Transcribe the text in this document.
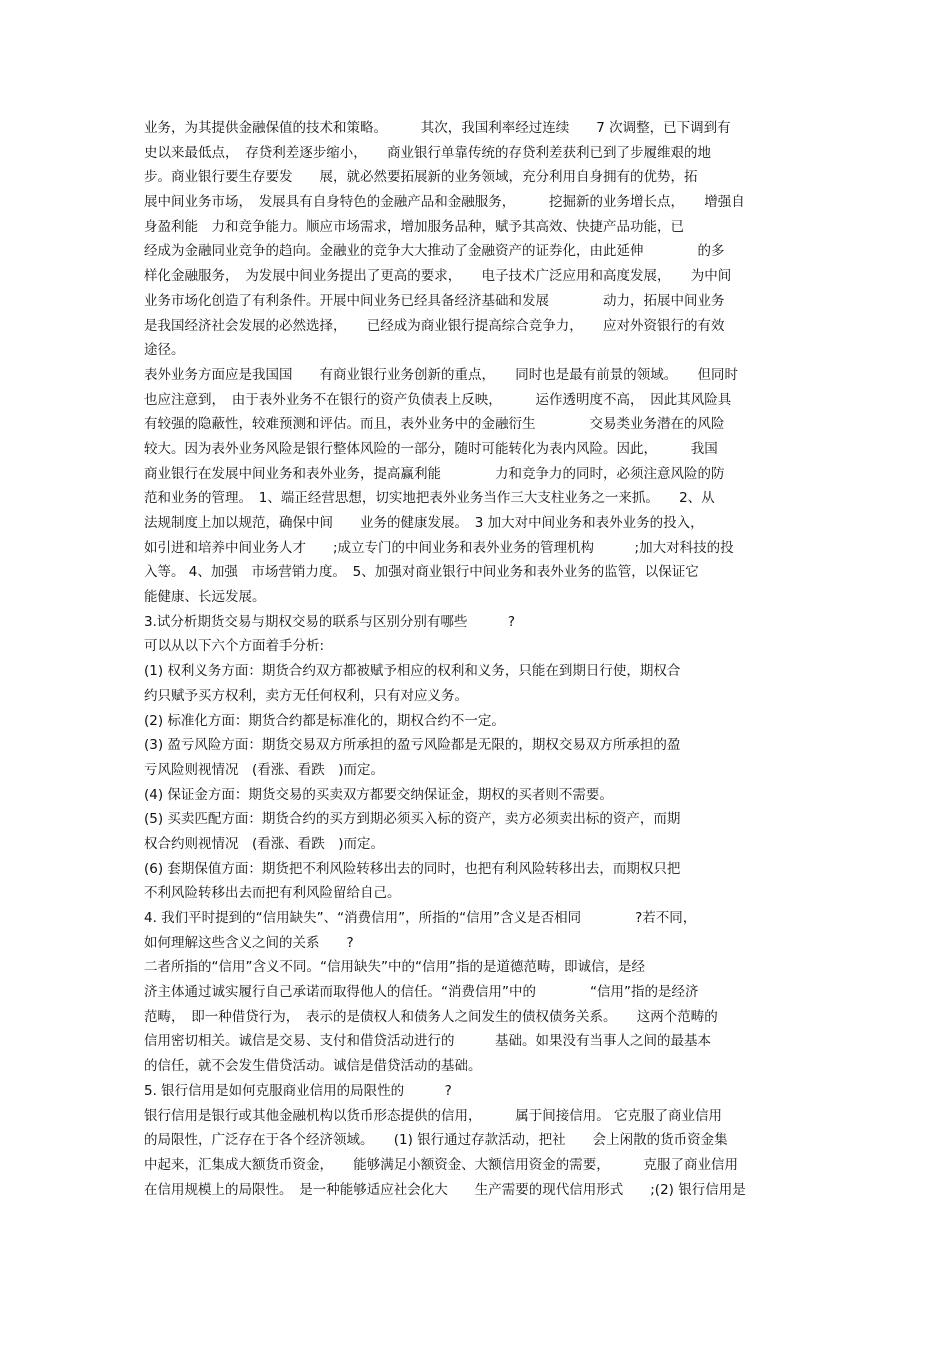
业务，为其提供金融保值的技术和策略。　　　其次，我国利率经过连续　　7 次调整，已下调到有
史以来最低点，　存贷利差逐步缩小，　　商业银行单靠传统的存贷利差获利已到了步履维艰的地
步。商业银行要生存要发　　展，就必然要拓展新的业务领域，充分利用自身拥有的优势，拓
展中间业务市场，　发展具有自身特色的金融产品和金融服务，　　　挖掘新的业务增长点，　　增强自
身盈利能　力和竞争能力。顺应市场需求，增加服务品种，赋予其高效、快捷产品功能，已
经成为金融同业竞争的趋向。金融业的竞争大大推动了金融资产的证券化，由此延伸　　　　的多
样化金融服务，　为发展中间业务提出了更高的要求，　　电子技术广泛应用和高度发展，　　为中间
业务市场化创造了有利条件。开展中间业务已经具备经济基础和发展　　　　动力，拓展中间业务
是我国经济社会发展的必然选择，　　已经成为商业银行提高综合竞争力，　　应对外资银行的有效
途径。
表外业务方面应是我国国　　有商业银行业务创新的重点，　　同时也是最有前景的领域。　　但同时
也应注意到，　由于表外业务不在银行的资产负债表上反映，　　　运作透明度不高，　因此其风险具
有较强的隐蔽性，较难预测和评估。而且，表外业务中的金融衍生　　　　交易类业务潜在的风险
较大。因为表外业务风险是银行整体风险的一部分，随时可能转化为表内风险。因此，　　　我国
商业银行在发展中间业务和表外业务，提高赢利能　　　　力和竞争力的同时，必须注意风险的防
范和业务的管理。　1、端正经营思想，切实地把表外业务当作三大支柱业务之一来抓。　　2、从
法规制度上加以规范，确保中间　　业务的健康发展。　3 加大对中间业务和表外业务的投入，
如引进和培养中间业务人才　　;成立专门的中间业务和表外业务的管理机构　　　;加大对科技的投
入等。 4、加强　市场营销力度。　5、加强对商业银行中间业务和表外业务的监管，以保证它
能健康、长远发展。
3.试分析期货交易与期权交易的联系与区别分别有哪些　　　?
可以从以下六个方面着手分析:
(1) 权利义务方面：期货合约双方都被赋予相应的权利和义务，只能在到期日行使，期权合
约只赋予买方权利，卖方无任何权利，只有对应义务。
(2) 标准化方面：期货合约都是标准化的，期权合约不一定。
(3) 盈亏风险方面：期货交易双方所承担的盈亏风险都是无限的，期权交易双方所承担的盈
亏风险则视情况　(看涨、看跌　)而定。
(4) 保证金方面：期货交易的买卖双方都要交纳保证金，期权的买者则不需要。
(5) 买卖匹配方面：期货合约的买方到期必须买入标的资产，卖方必须卖出标的资产，而期
权合约则视情况　(看涨、看跌　)而定。
(6) 套期保值方面：期货把不利风险转移出去的同时，也把有利风险转移出去，而期权只把
不利风险转移出去而把有利风险留给自己。
4. 我们平时提到的“信用缺失”、“消费信用”，所指的“信用”含义是否相同　　　　?若不同，
如何理解这些含义之间的关系　　?
二者所指的“信用”含义不同。“信用缺失”中的“信用”指的是道德范畴，即诚信，是经
济主体通过诚实履行自己承诺而取得他人的信任。“消费信用”中的　　　　“信用”指的是经济
范畴，　即一种借贷行为，　表示的是债权人和债务人之间发生的债权债务关系。　　这两个范畴的
信用密切相关。诚信是交易、支付和借贷活动进行的　　　基础。如果没有当事人之间的最基本
的信任，就不会发生借贷活动。诚信是借贷活动的基础。
5. 银行信用是如何克服商业信用的局限性的　　　?
银行信用是银行或其他金融机构以货币形态提供的信用，　　　属于间接信用。 它克服了商业信用
的局限性，广泛存在于各个经济领域。　　(1) 银行通过存款活动，把社　　会上闲散的货币资金集
中起来，汇集成大额货币资金，　　能够满足小额资金、大额信用资金的需要，　　　克服了商业信用
在信用规模上的局限性。　是一种能够适应社会化大　　生产需要的现代信用形式　　;(2) 银行信用是
